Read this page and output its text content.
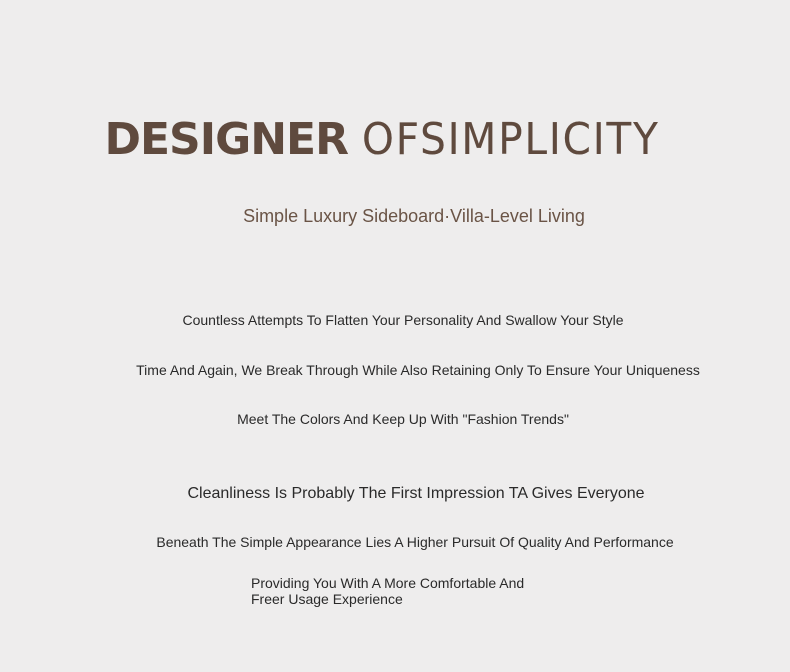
DESIGNER OFSIMPLICITY
Simple Luxury Sideboard·Villa-Level Living
Countless Attempts To Flatten Your Personality And Swallow Your Style
Time And Again, We Break Through While Also Retaining Only To Ensure Your Uniqueness
Meet The Colors And Keep Up With "Fashion Trends"
Cleanliness Is Probably The First Impression TA Gives Everyone
Beneath The Simple Appearance Lies A Higher Pursuit Of Quality And Performance
Providing You With A More Comfortable And Freer Usage Experience
